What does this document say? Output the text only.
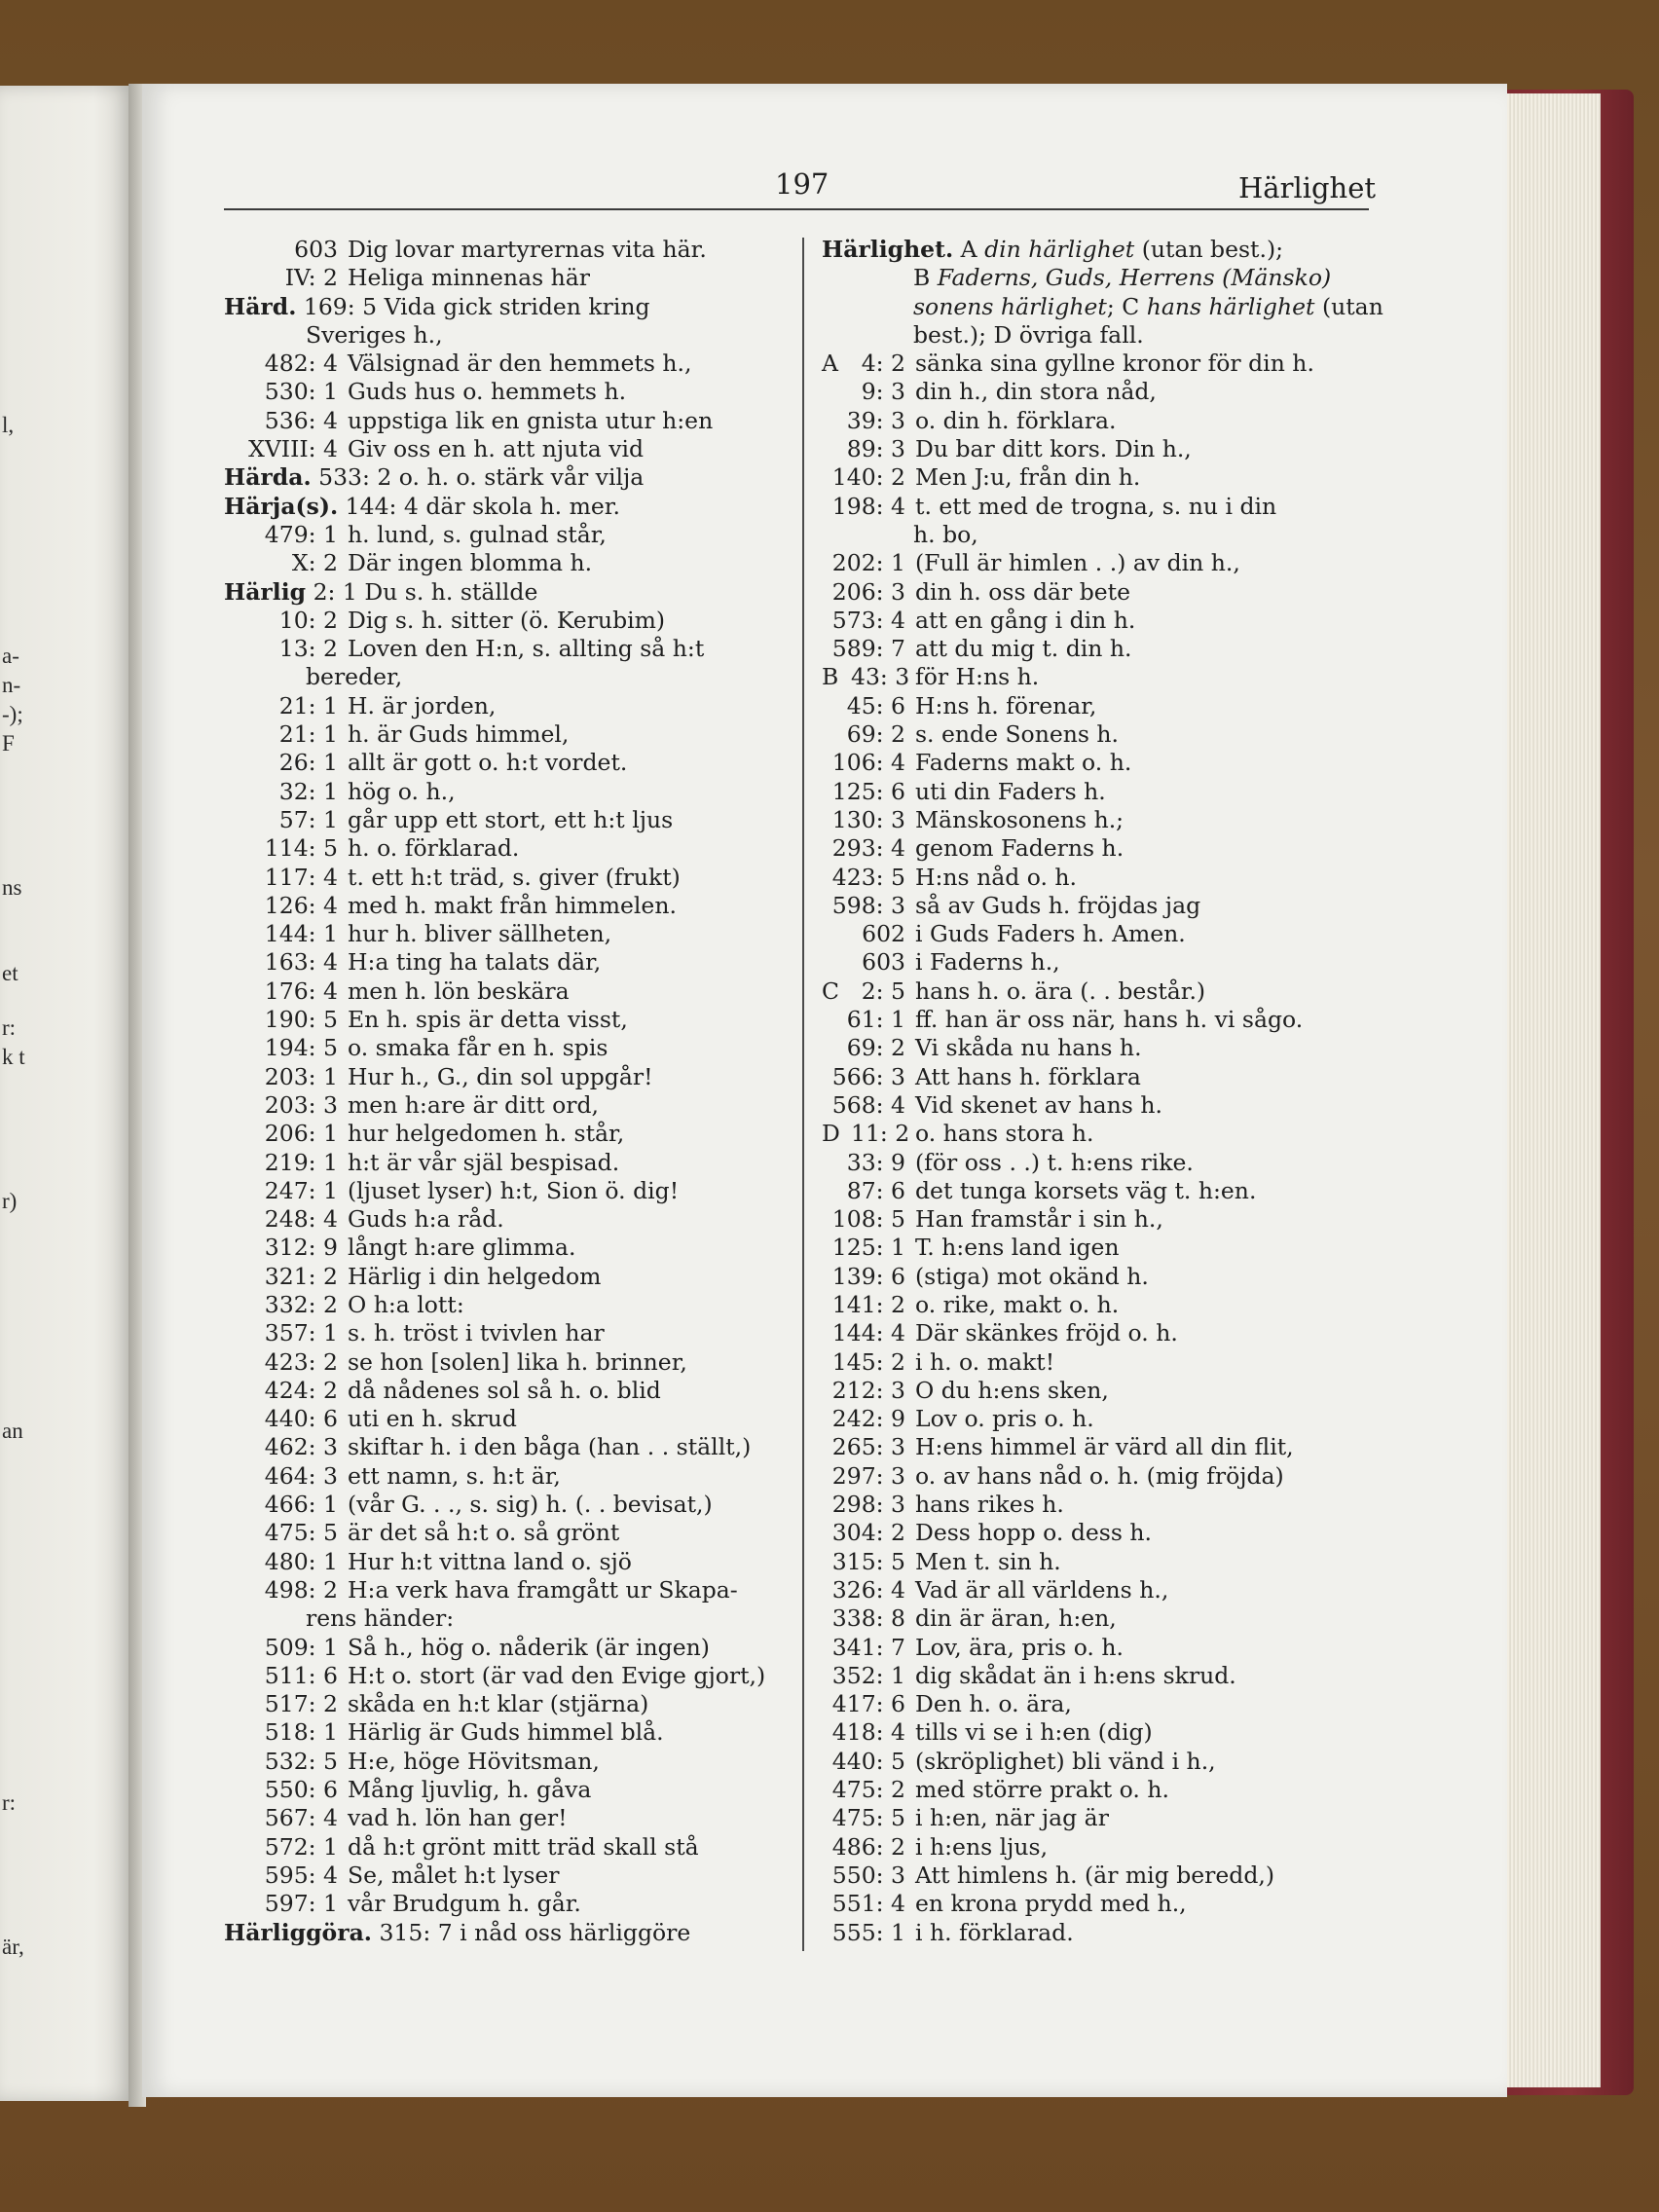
l,
a-
n-
-);
F
ns
et
r:
k t
r)
an
r:
är,
197	Härlighet
603 Dig lovar martyrernas vita här.
IV: 2 Heliga minnenas här
Härd. 169: 5 Vida gick striden kring
Sveriges h.,
482: 4 Välsignad är den hemmets h.,
530: 1 Guds hus o. hemmets h.
536: 4 uppstiga lik en gnista utur h:en
XVIII: 4 Giv oss en h. att njuta vid
Härda. 533: 2 o. h. o. stärk vår vilja
Härja(s). 144: 4 där skola h. mer.
479: 1 h. lund, s. gulnad står,
X: 2 Där ingen blomma h.
Härlig 2: 1 Du s. h. ställde
10: 2 Dig s. h. sitter (ö. Kerubim)
13: 2 Loven den H:n, s. allting så h:t
bereder,
21: 1 H. är jorden,
21: 1 h. är Guds himmel,
26: 1 allt är gott o. h:t vordet.
32: 1 hög o. h.,
57: 1 går upp ett stort, ett h:t ljus
114: 5 h. o. förklarad.
117: 4 t. ett h:t träd, s. giver (frukt)
126: 4 med h. makt från himmelen.
144: 1 hur h. bliver sällheten,
163: 4 H:a ting ha talats där,
176: 4 men h. lön beskära
190: 5 En h. spis är detta visst,
194: 5 o. smaka får en h. spis
203: 1 Hur h., G., din sol uppgår!
203: 3 men h:are är ditt ord,
206: 1 hur helgedomen h. står,
219: 1 h:t är vår själ bespisad.
247: 1 (ljuset lyser) h:t, Sion ö. dig!
248: 4 Guds h:a råd.
312: 9 långt h:are glimma.
321: 2 Härlig i din helgedom
332: 2 O h:a lott:
357: 1 s. h. tröst i tvivlen har
423: 2 se hon [solen] lika h. brinner,
424: 2 då nådenes sol så h. o. blid
440: 6 uti en h. skrud
462: 3 skiftar h. i den båga (han . . ställt,)
464: 3 ett namn, s. h:t är,
466: 1 (vår G. . ., s. sig) h. (. . bevisat,)
475: 5 är det så h:t o. så grönt
480: 1 Hur h:t vittna land o. sjö
498: 2 H:a verk hava framgått ur Skapa-
rens händer:
509: 1 Så h., hög o. nåderik (är ingen)
511: 6 H:t o. stort (är vad den Evige gjort,)
517: 2 skåda en h:t klar (stjärna)
518: 1 Härlig är Guds himmel blå.
532: 5 H:e, höge Hövitsman,
550: 6 Mång ljuvlig, h. gåva
567: 4 vad h. lön han ger!
572: 1 då h:t grönt mitt träd skall stå
595: 4 Se, målet h:t lyser
597: 1 vår Brudgum h. går.
Härliggöra. 315: 7 i nåd oss härliggöre
Härlighet. A din härlighet (utan best.);
B Faderns, Guds, Herrens (Mänsko)
sonens härlighet; C hans härlighet (utan
best.); D övriga fall.
A 4: 2 sänka sina gyllne kronor för din h.
9: 3 din h., din stora nåd,
39: 3 o. din h. förklara.
89: 3 Du bar ditt kors. Din h.,
140: 2 Men J:u, från din h.
198: 4 t. ett med de trogna, s. nu i din
h. bo,
202: 1 (Full är himlen . .) av din h.,
206: 3 din h. oss där bete
573: 4 att en gång i din h.
589: 7 att du mig t. din h.
B 43: 3 för H:ns h.
45: 6 H:ns h. förenar,
69: 2 s. ende Sonens h.
106: 4 Faderns makt o. h.
125: 6 uti din Faders h.
130: 3 Mänskosonens h.;
293: 4 genom Faderns h.
423: 5 H:ns nåd o. h.
598: 3 så av Guds h. fröjdas jag
602 i Guds Faders h. Amen.
603 i Faderns h.,
C 2: 5 hans h. o. ära (. . består.)
61: 1 ff. han är oss när, hans h. vi sågo.
69: 2 Vi skåda nu hans h.
566: 3 Att hans h. förklara
568: 4 Vid skenet av hans h.
D 11: 2 o. hans stora h.
33: 9 (för oss . .) t. h:ens rike.
87: 6 det tunga korsets väg t. h:en.
108: 5 Han framstår i sin h.,
125: 1 T. h:ens land igen
139: 6 (stiga) mot okänd h.
141: 2 o. rike, makt o. h.
144: 4 Där skänkes fröjd o. h.
145: 2 i h. o. makt!
212: 3 O du h:ens sken,
242: 9 Lov o. pris o. h.
265: 3 H:ens himmel är värd all din flit,
297: 3 o. av hans nåd o. h. (mig fröjda)
298: 3 hans rikes h.
304: 2 Dess hopp o. dess h.
315: 5 Men t. sin h.
326: 4 Vad är all världens h.,
338: 8 din är äran, h:en,
341: 7 Lov, ära, pris o. h.
352: 1 dig skådat än i h:ens skrud.
417: 6 Den h. o. ära,
418: 4 tills vi se i h:en (dig)
440: 5 (skröplighet) bli vänd i h.,
475: 2 med större prakt o. h.
475: 5 i h:en, när jag är
486: 2 i h:ens ljus,
550: 3 Att himlens h. (är mig beredd,)
551: 4 en krona prydd med h.,
555: 1 i h. förklarad.
